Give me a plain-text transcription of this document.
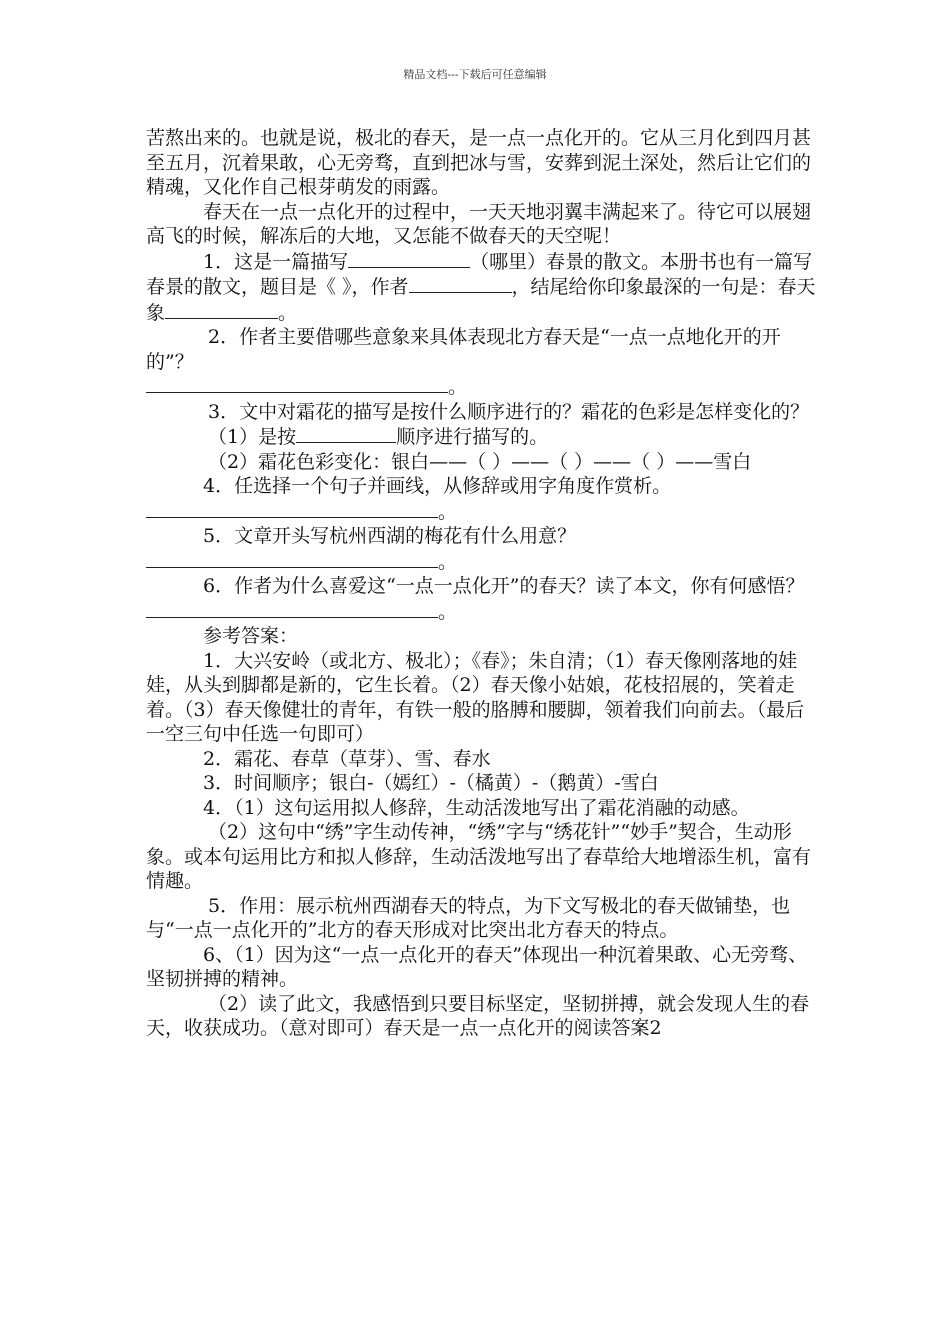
精品文档---下载后可任意编辑

苦熬出来的。也就是说，极北的春天，是一点一点化开的。它从三月化到四月甚至五月，沉着果敢，心无旁骛，直到把冰与雪，安葬到泥土深处，然后让它们的精魂，又化作自己根芽萌发的雨露。

春天在一点一点化开的过程中，一天天地羽翼丰满起来了。待它可以展翅高飞的时候，解冻后的大地，又怎能不做春天的天空呢！

1．这是一篇描写	（哪里）春景的散文。本册书也有一篇写春景的散文，题目是《 》，作者	，结尾给你印象最深的一句是：春天象	。

2．作者主要借哪些意象来具体表现北方春天是“一点一点地化开的开的”？

。

3．文中对霜花的描写是按什么顺序进行的？霜花的色彩是怎样变化的？

（1）是按	顺序进行描写的。

（2）霜花色彩变化：银白——（ ）——（ ）——（ ）——雪白

4．任选择一个句子并画线，从修辞或用字角度作赏析。

。

5．文章开头写杭州西湖的梅花有什么用意？

。

6．作者为什么喜爱这“一点一点化开”的春天？读了本文，你有何感悟？

。

参考答案：

1．大兴安岭（或北方、极北）；《春》；朱自清；（1）春天像刚落地的娃娃，从头到脚都是新的，它生长着。（2）春天像小姑娘，花枝招展的，笑着走着。（3）春天像健壮的青年，有铁一般的胳膊和腰脚，领着我们向前去。（最后一空三句中任选一句即可）

2．霜花、春草（草芽）、雪、春水

3．时间顺序；银白-（嫣红）-（橘黄）-（鹅黄）-雪白

4．（1）这句运用拟人修辞，生动活泼地写出了霜花消融的动感。

（2）这句中“绣”字生动传神，“绣”字与“绣花针”“妙手”契合，生动形象。或本句运用比方和拟人修辞，生动活泼地写出了春草给大地增添生机，富有情趣。

5．作用：展示杭州西湖春天的特点，为下文写极北的春天做铺垫，也与“一点一点化开的”北方的春天形成对比突出北方春天的特点。

6、（1）因为这“一点一点化开的春天”体现出一种沉着果敢、心无旁骛、坚韧拼搏的精神。

（2）读了此文，我感悟到只要目标坚定，坚韧拼搏，就会发现人生的春天，收获成功。（意对即可）春天是一点一点化开的阅读答案2
